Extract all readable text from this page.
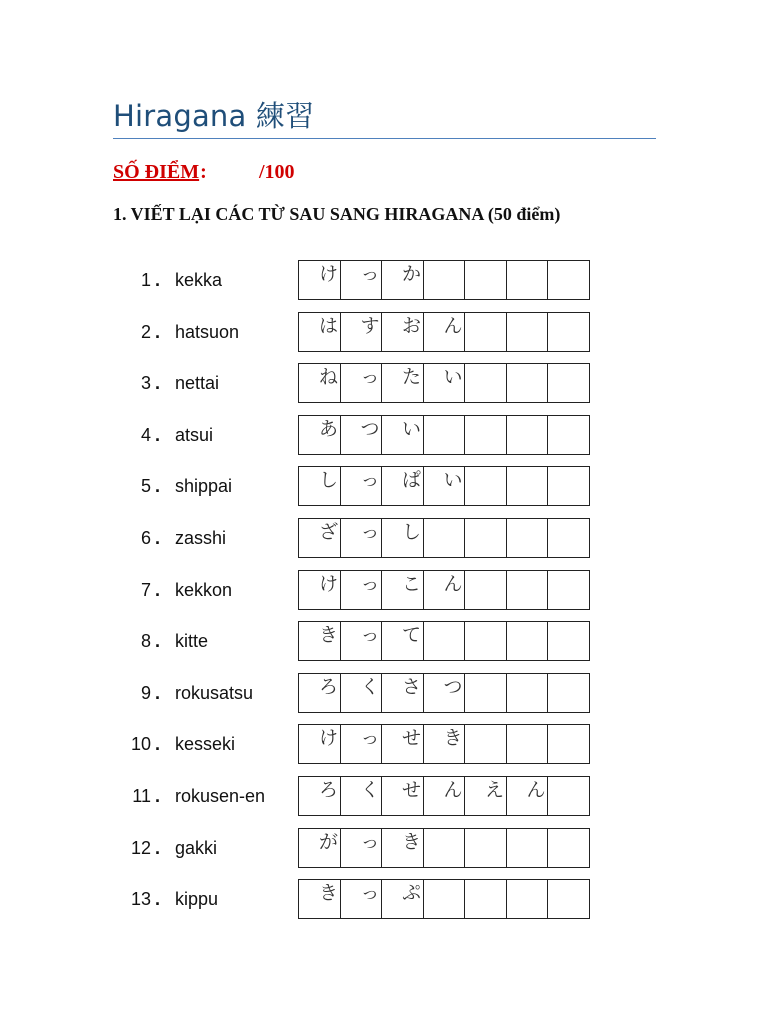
Hiragana 練習
SỐ ĐIỂM:	/100
1. VIẾT LẠI CÁC TỪ SAU SANG HIRAGANA (50 điểm)
1 . kekka	け っ か
2 . hatsuon	は す お ん
3 . nettai	ね っ た い
4 . atsui	あ つ い
5 . shippai	し っ ぱ い
6 . zasshi	ざ っ し
7 . kekkon	け っ こ ん
8 . kitte	き っ て
9 . rokusatsu	ろ く さ つ
10 . kesseki	け っ せ き
11 . rokusen-en	ろ く せ ん え ん
12 . gakki	が っ き
13 . kippu	き っ ぷ
